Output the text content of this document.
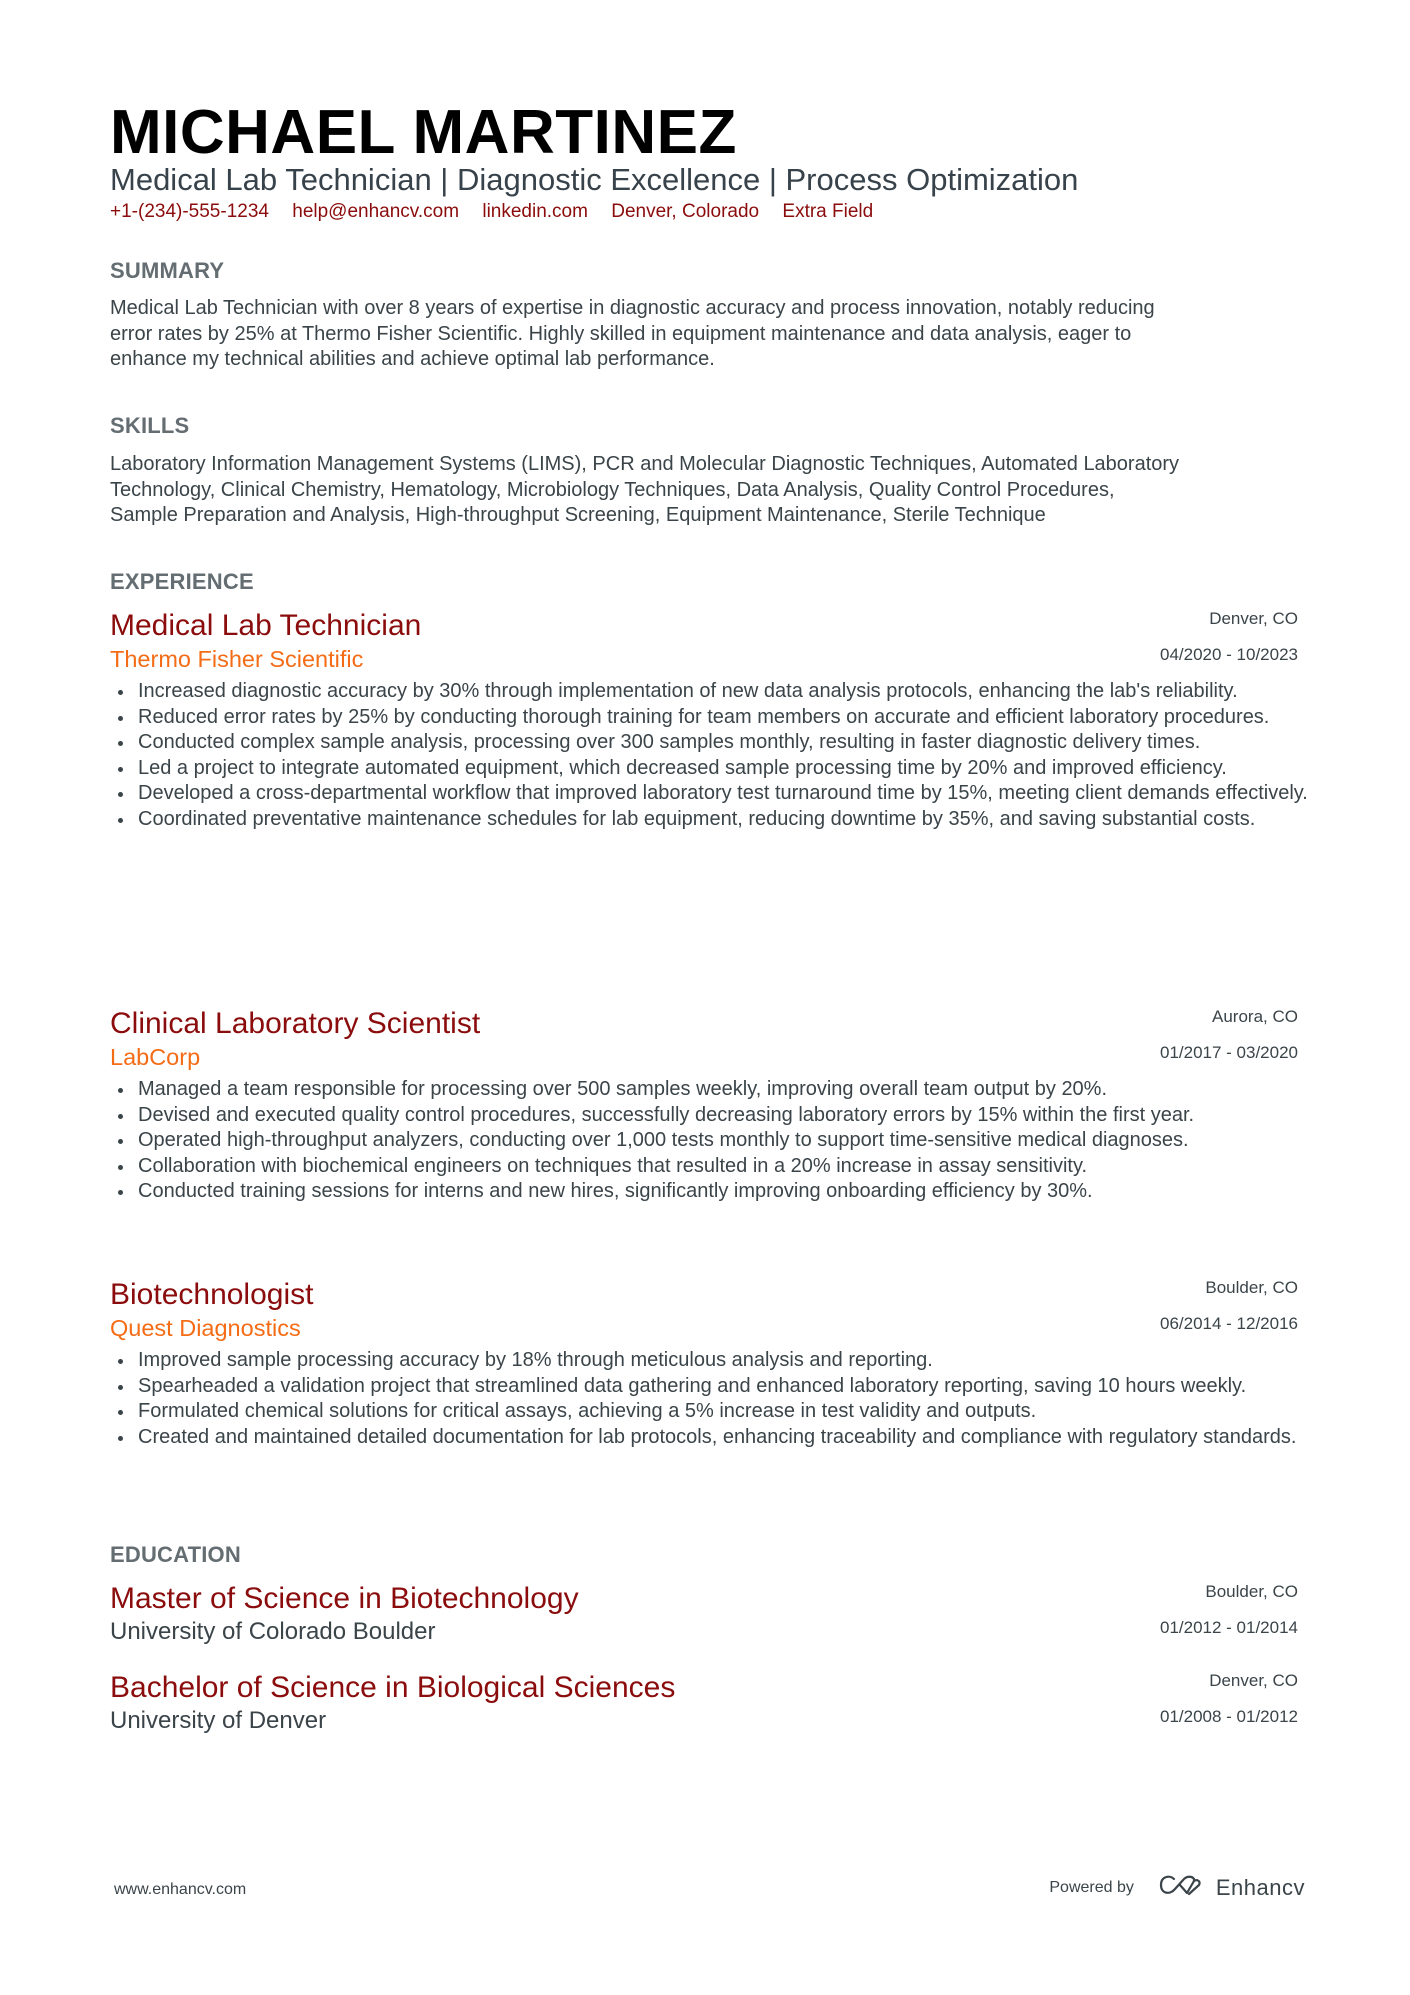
MICHAEL MARTINEZ
Medical Lab Technician | Diagnostic Excellence | Process Optimization
+1-(234)-555-1234 help@enhancv.com linkedin.com Denver, Colorado Extra Field
SUMMARY
Medical Lab Technician with over 8 years of expertise in diagnostic accuracy and process innovation, notably reducing
error rates by 25% at Thermo Fisher Scientific. Highly skilled in equipment maintenance and data analysis, eager to
enhance my technical abilities and achieve optimal lab performance.
SKILLS
Laboratory Information Management Systems (LIMS), PCR and Molecular Diagnostic Techniques, Automated Laboratory
Technology, Clinical Chemistry, Hematology, Microbiology Techniques, Data Analysis, Quality Control Procedures,
Sample Preparation and Analysis, High-throughput Screening, Equipment Maintenance, Sterile Technique
EXPERIENCE
Medical Lab Technician	Denver, CO
Thermo Fisher Scientific	04/2020 - 10/2023
Increased diagnostic accuracy by 30% through implementation of new data analysis protocols, enhancing the lab's reliability.
Reduced error rates by 25% by conducting thorough training for team members on accurate and efficient laboratory procedures.
Conducted complex sample analysis, processing over 300 samples monthly, resulting in faster diagnostic delivery times.
Led a project to integrate automated equipment, which decreased sample processing time by 20% and improved efficiency.
Developed a cross-departmental workflow that improved laboratory test turnaround time by 15%, meeting client demands effectively.
Coordinated preventative maintenance schedules for lab equipment, reducing downtime by 35%, and saving substantial costs.
Clinical Laboratory Scientist	Aurora, CO
LabCorp	01/2017 - 03/2020
Managed a team responsible for processing over 500 samples weekly, improving overall team output by 20%.
Devised and executed quality control procedures, successfully decreasing laboratory errors by 15% within the first year.
Operated high-throughput analyzers, conducting over 1,000 tests monthly to support time-sensitive medical diagnoses.
Collaboration with biochemical engineers on techniques that resulted in a 20% increase in assay sensitivity.
Conducted training sessions for interns and new hires, significantly improving onboarding efficiency by 30%.
Biotechnologist	Boulder, CO
Quest Diagnostics	06/2014 - 12/2016
Improved sample processing accuracy by 18% through meticulous analysis and reporting.
Spearheaded a validation project that streamlined data gathering and enhanced laboratory reporting, saving 10 hours weekly.
Formulated chemical solutions for critical assays, achieving a 5% increase in test validity and outputs.
Created and maintained detailed documentation for lab protocols, enhancing traceability and compliance with regulatory standards.
EDUCATION
Master of Science in Biotechnology	Boulder, CO
University of Colorado Boulder	01/2012 - 01/2014
Bachelor of Science in Biological Sciences	Denver, CO
University of Denver	01/2008 - 01/2012
www.enhancv.com	Powered by	Enhancv
